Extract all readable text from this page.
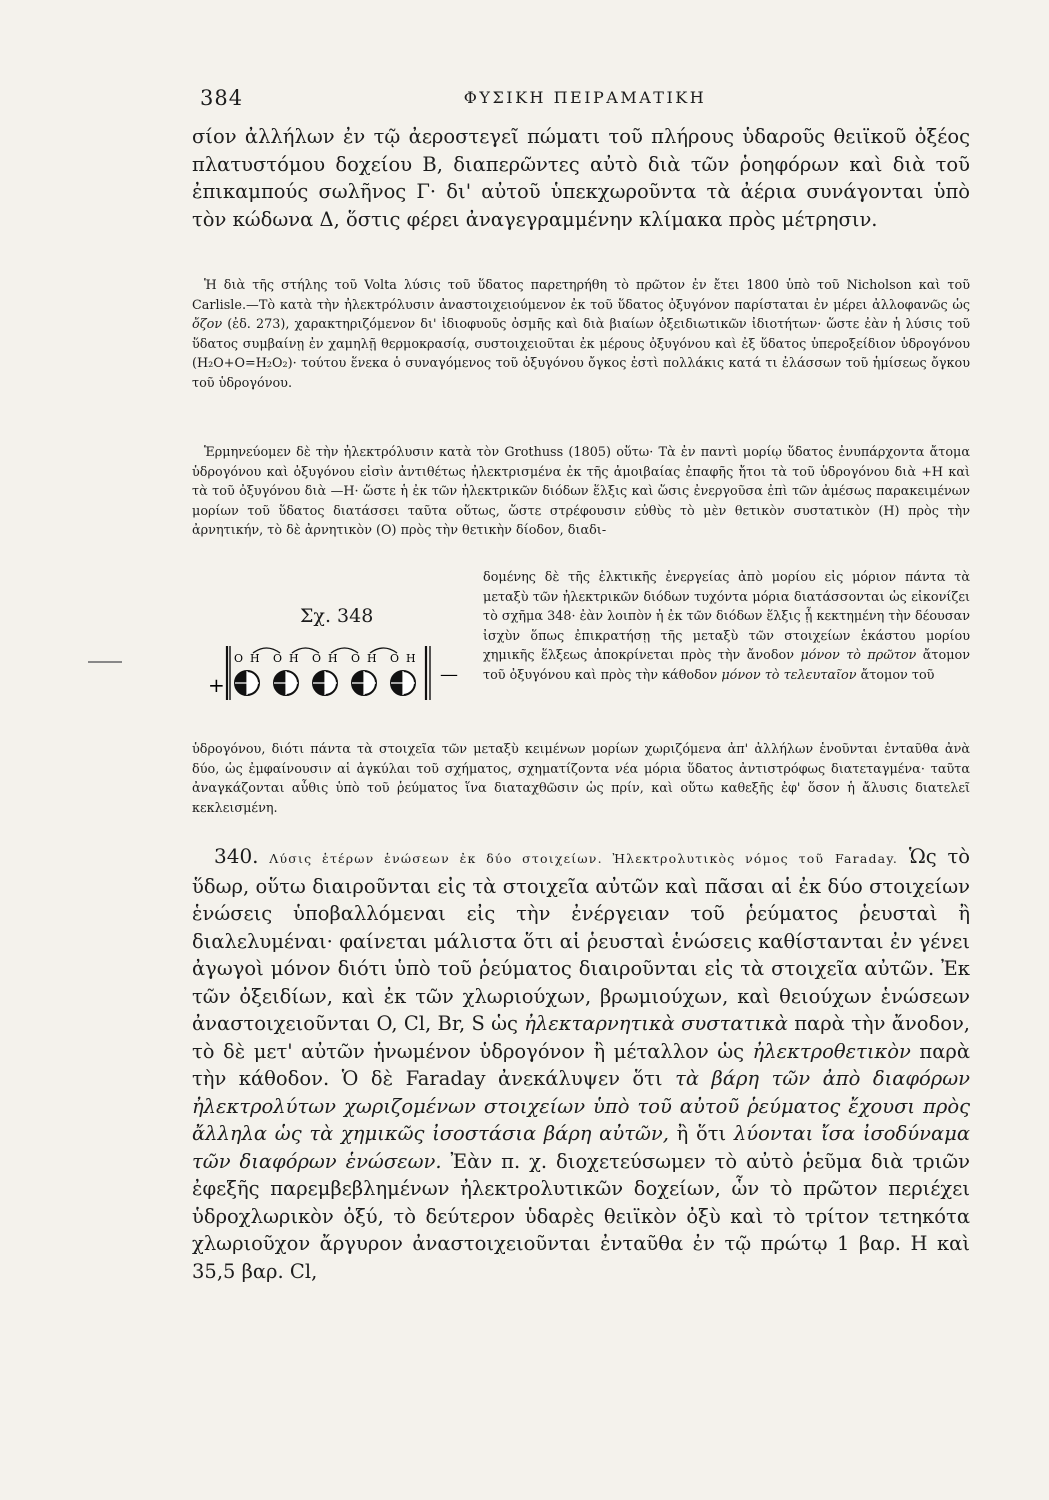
384	ΦΥΣΙΚΗ ΠΕΙΡΑΜΑΤΙΚΗ

σίον ἀλλήλων ἐν τῷ ἀεροστεγεῖ πώματι τοῦ πλήρους ὑδαροῦς θειϊκοῦ ὀξέος πλατυστόμου δοχείου Β, διαπερῶντες αὐτὸ διὰ τῶν ῥοηφόρων καὶ διὰ τοῦ ἐπικαμπούς σωλῆνος Γ· δι' αὐτοῦ ὑπεκχωροῦντα τὰ ἀέρια συνάγονται ὑπὸ τὸν κώδωνα Δ, ὅστις φέρει ἀναγεγραμμένην κλίμακα πρὸς μέτρησιν.

Ἡ διὰ τῆς στήλης τοῦ Volta λύσις τοῦ ὕδατος παρετηρήθη τὸ πρῶτον ἐν ἔτει 1800 ὑπὸ τοῦ Nicholson καὶ τοῦ Carlisle.—Τὸ κατὰ τὴν ἠλεκτρόλυσιν ἀναστοιχειούμενον ἐκ τοῦ ὕδατος ὀξυγόνον παρίσταται ἐν μέρει ἀλλοφανῶς ὡς ὄζον (ἐδ. 273), χαρακτηριζόμενον δι' ἰδιοφυοῦς ὀσμῆς καὶ διὰ βιαίων ὀξειδιωτικῶν ἰδιοτήτων· ὥστε ἐὰν ἡ λύσις τοῦ ὕδατος συμβαίνῃ ἐν χαμηλῇ θερμοκρασίᾳ, συστοιχειοῦται ἐκ μέρους ὀξυγόνου καὶ ἐξ ὕδατος ὑπεροξείδιον ὑδρογόνου (H₂O+O=H₂O₂)· τούτου ἕνεκα ὁ συναγόμενος τοῦ ὀξυγόνου ὄγκος ἐστὶ πολλάκις κατά τι ἐλάσσων τοῦ ἡμίσεως ὄγκου τοῦ ὑδρογόνου.

Ἑρμηνεύομεν δὲ τὴν ἠλεκτρόλυσιν κατὰ τὸν Grothuss (1805) οὕτω· Τὰ ἐν παντὶ μορίῳ ὕδατος ἐνυπάρχοντα ἄτομα ὑδρογόνου καὶ ὀξυγόνου εἰσὶν ἀντιθέτως ἠλεκτρισμένα ἐκ τῆς ἀμοιβαίας ἐπαφῆς ἤτοι τὰ τοῦ ὑδρογόνου διὰ +H καὶ τὰ τοῦ ὀξυγόνου διὰ —H· ὥστε ἡ ἐκ τῶν ἠλεκτρικῶν διόδων ἕλξις καὶ ὥσις ἐνεργοῦσα ἐπὶ τῶν ἀμέσως παρακειμένων μορίων τοῦ ὕδατος διατάσσει ταῦτα οὕτως, ὥστε στρέφουσιν εὐθὺς τὸ μὲν θετικὸν συστατικὸν (H) πρὸς τὴν ἀρνητικήν, τὸ δὲ ἀρνητικὸν (O) πρὸς τὴν θετικὴν δίοδον, διαδι-

Σχ. 348
+	—
O H O H O H O H O H

δομένης δὲ τῆς ἑλκτικῆς ἐνεργείας ἀπὸ μορίου εἰς μόριον πάντα τὰ μεταξὺ τῶν ἠλεκτρικῶν διόδων τυχόντα μόρια διατάσσονται ὡς εἰκονίζει τὸ σχῆμα 348· ἐὰν λοιπὸν ἡ ἐκ τῶν διόδων ἕλξις ᾖ κεκτημένη τὴν δέουσαν ἰσχὺν ὅπως ἐπικρατήσῃ τῆς μεταξὺ τῶν στοιχείων ἑκάστου μορίου χημικῆς ἕλξεως ἀποκρίνεται πρὸς τὴν ἄνοδον μόνον τὸ πρῶτον ἄτομον τοῦ ὀξυγόνου καὶ πρὸς τὴν κάθοδον μόνον τὸ τελευταῖον ἄτομον τοῦ

ὑδρογόνου, διότι πάντα τὰ στοιχεῖα τῶν μεταξὺ κειμένων μορίων χωριζόμενα ἀπ' ἀλλήλων ἑνοῦνται ἐνταῦθα ἀνὰ δύο, ὡς ἐμφαίνουσιν αἱ ἀγκύλαι τοῦ σχήματος, σχηματίζοντα νέα μόρια ὕδατος ἀντιστρόφως διατεταγμένα· ταῦτα ἀναγκάζονται αὖθις ὑπὸ τοῦ ῥεύματος ἵνα διαταχθῶσιν ὡς πρίν, καὶ οὕτω καθεξῆς ἐφ' ὅσον ἡ ἄλυσις διατελεῖ κεκλεισμένη.

340. Λύσις ἑτέρων ἑνώσεων ἐκ δύο στοιχείων. Ἠλεκτρολυτικὸς νόμος τοῦ Faraday. Ὡς τὸ ὕδωρ, οὕτω διαιροῦνται εἰς τὰ στοιχεῖα αὐτῶν καὶ πᾶσαι αἱ ἐκ δύο στοιχείων ἑνώσεις ὑποβαλλόμεναι εἰς τὴν ἐνέργειαν τοῦ ῥεύματος ῥευσταὶ ἢ διαλελυμέναι· φαίνεται μάλιστα ὅτι αἱ ῥευσταὶ ἑνώσεις καθίστανται ἐν γένει ἀγωγοὶ μόνον διότι ὑπὸ τοῦ ῥεύματος διαιροῦνται εἰς τὰ στοιχεῖα αὐτῶν. Ἐκ τῶν ὀξειδίων, καὶ ἐκ τῶν χλωριούχων, βρωμιούχων, καὶ θειούχων ἑνώσεων ἀναστοιχειοῦνται O, Cl, Br, S ὡς ἠλεκταρνητικὰ συστατικὰ παρὰ τὴν ἄνοδον, τὸ δὲ μετ' αὐτῶν ἡνωμένον ὑδρογόνον ἢ μέταλλον ὡς ἠλεκτροθετικὸν παρὰ τὴν κάθοδον. Ὁ δὲ Faraday ἀνεκάλυψεν ὅτι τὰ βάρη τῶν ἀπὸ διαφόρων ἠλεκτρολύτων χωριζομένων στοιχείων ὑπὸ τοῦ αὐτοῦ ῥεύματος ἔχουσι πρὸς ἄλληλα ὡς τὰ χημικῶς ἰσοστάσια βάρη αὐτῶν, ἢ ὅτι λύονται ἴσα ἰσοδύναμα τῶν διαφόρων ἑνώσεων. Ἐὰν π. χ. διοχετεύσωμεν τὸ αὐτὸ ῥεῦμα διὰ τριῶν ἐφεξῆς παρεμβεβλημένων ἠλεκτρολυτικῶν δοχείων, ὧν τὸ πρῶτον περιέχει ὑδροχλωρικὸν ὀξύ, τὸ δεύτερον ὑδαρὲς θειϊκὸν ὀξὺ καὶ τὸ τρίτον τετηκότα χλωριοῦχον ἄργυρον ἀναστοιχειοῦνται ἐνταῦθα ἐν τῷ πρώτῳ 1 βαρ. H καὶ 35,5 βαρ. Cl,
